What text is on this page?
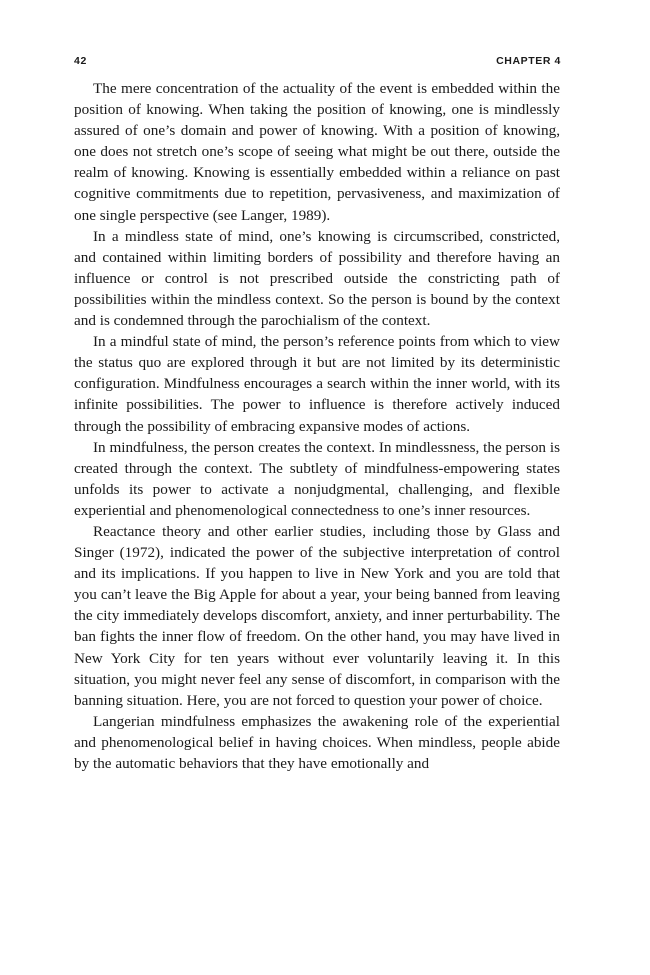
42	CHAPTER 4

The mere concentration of the actuality of the event is embedded within the position of knowing. When taking the position of knowing, one is mindlessly assured of one’s domain and power of knowing. With a position of knowing, one does not stretch one’s scope of seeing what might be out there, outside the realm of knowing. Knowing is essentially embedded within a reliance on past cognitive commitments due to repetition, pervasiveness, and maximization of one single perspective (see Langer, 1989).

In a mindless state of mind, one’s knowing is circumscribed, constricted, and contained within limiting borders of possibility and therefore having an influence or control is not prescribed outside the constricting path of possibilities within the mindless context. So the person is bound by the context and is condemned through the parochialism of the context.

In a mindful state of mind, the person’s reference points from which to view the status quo are explored through it but are not limited by its deterministic configuration. Mindfulness encourages a search within the inner world, with its infinite possibilities. The power to influence is therefore actively induced through the possibility of embracing expansive modes of actions.

In mindfulness, the person creates the context. In mindlessness, the person is created through the context. The subtlety of mindfulness-empowering states unfolds its power to activate a nonjudgmental, challenging, and flexible experiential and phenomenological connectedness to one’s inner resources.

Reactance theory and other earlier studies, including those by Glass and Singer (1972), indicated the power of the subjective interpretation of control and its implications. If you happen to live in New York and you are told that you can’t leave the Big Apple for about a year, your being banned from leaving the city immediately develops discomfort, anxiety, and inner perturbability. The ban fights the inner flow of freedom. On the other hand, you may have lived in New York City for ten years without ever voluntarily leaving it. In this situation, you might never feel any sense of discomfort, in comparison with the banning situation. Here, you are not forced to question your power of choice.

Langerian mindfulness emphasizes the awakening role of the experiential and phenomenological belief in having choices. When mindless, people abide by the automatic behaviors that they have emotionally and
